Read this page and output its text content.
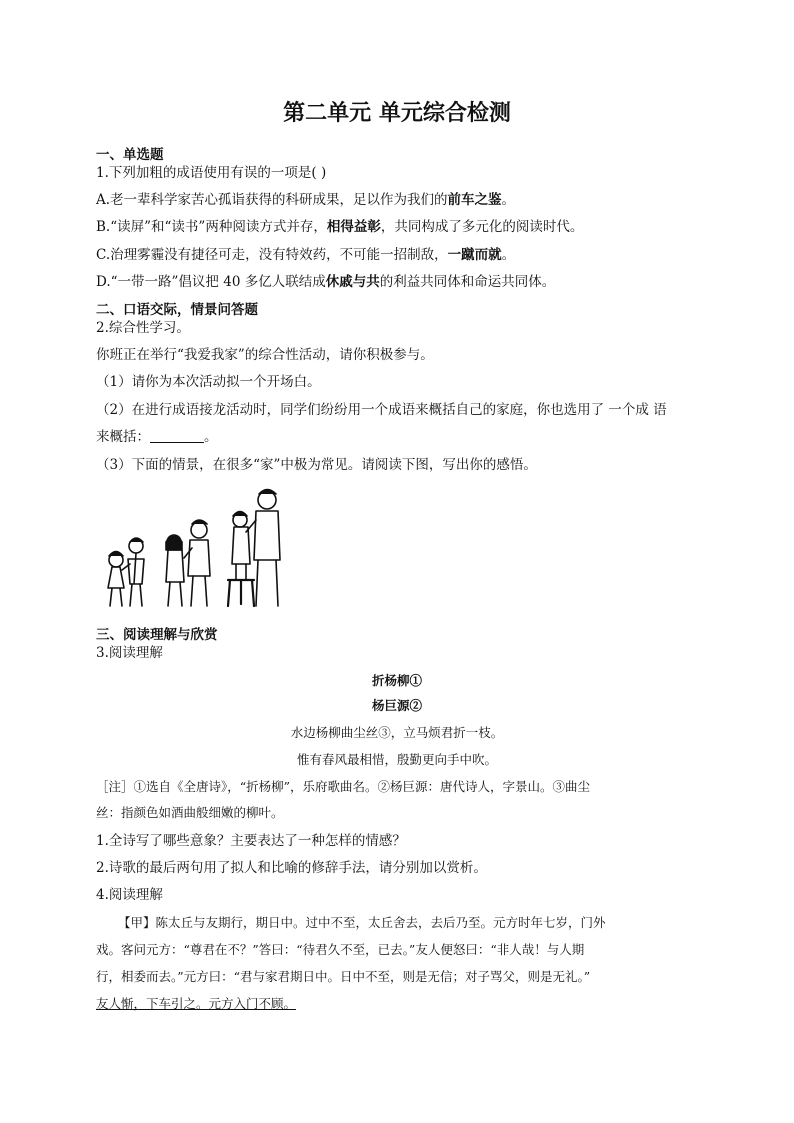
第二单元 单元综合检测
一、单选题
1.下列加粗的成语使用有误的一项是( )
A.老一辈科学家苦心孤诣获得的科研成果，足以作为我们的前车之鉴。
B.“读屏”和“读书”两种阅读方式并存，相得益彰，共同构成了多元化的阅读时代。
C.治理雾霾没有捷径可走，没有特效药，不可能一招制敌，一蹴而就。
D.“一带一路”倡议把 40 多亿人联结成休戚与共的利益共同体和命运共同体。
二、口语交际，情景问答题
2.综合性学习。
你班正在举行“我爱我家”的综合性活动，请你积极参与。
（1）请你为本次活动拟一个开场白。
（2）在进行成语接龙活动时，同学们纷纷用一个成语来概括自己的家庭，你也选用了 一个成 语
来概括：	。
（3）下面的情景，在很多“家”中极为常见。请阅读下图，写出你的感悟。
三、阅读理解与欣赏
3.阅读理解
折杨柳①
杨巨源②
水边杨柳曲尘丝③，立马烦君折一枝。
惟有春风最相惜，殷勤更向手中吹。
［注］①选自《全唐诗》，“折杨柳”，乐府歌曲名。②杨巨源：唐代诗人，字景山。③曲尘
丝：指颜色如酒曲般细嫩的柳叶。
1.全诗写了哪些意象？主要表达了一种怎样的情感？
2.诗歌的最后两句用了拟人和比喻的修辞手法，请分别加以赏析。
4.阅读理解
【甲】陈太丘与友期行，期日中。过中不至，太丘舍去，去后乃至。元方时年七岁，门外
戏。客问元方：“尊君在不？”答曰：“待君久不至，已去。”友人便怒曰：“非人哉！与人期
行，相委而去。”元方曰：“君与家君期日中。日中不至，则是无信；对子骂父，则是无礼。”
友人惭，下车引之。元方入门不顾。
